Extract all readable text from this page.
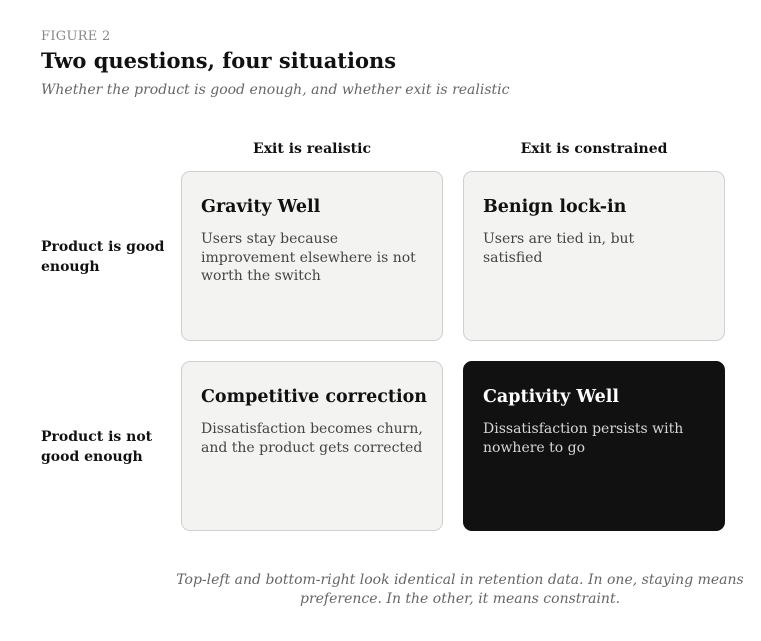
FIGURE 2
Two questions, four situations
Whether the product is good enough, and whether exit is realistic
Exit is realistic	Exit is constrained
Product is good enough
Product is not good enough
Gravity Well
Users stay because improvement elsewhere is not worth the switch
Benign lock-in
Users are tied in, but satisfied
Competitive correction
Dissatisfaction becomes churn, and the product gets corrected
Captivity Well
Dissatisfaction persists with nowhere to go
Top-left and bottom-right look identical in retention data. In one, staying means preference. In the other, it means constraint.
